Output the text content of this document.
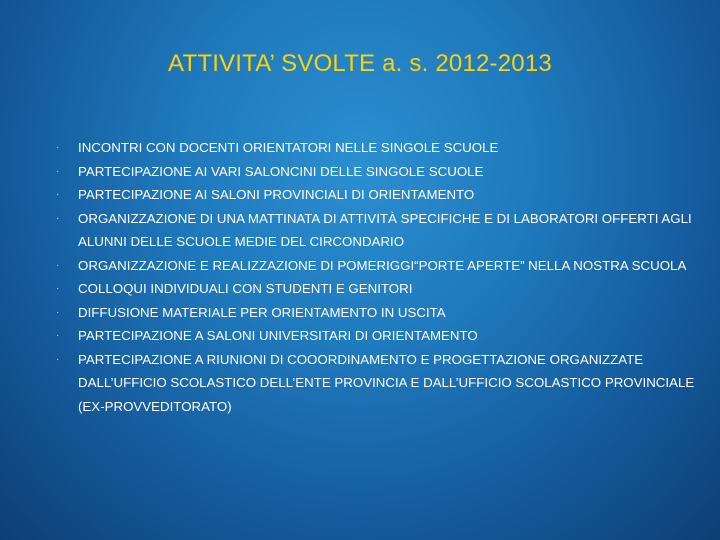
ATTIVITA’ SVOLTE a. s. 2012-2013
·	INCONTRI CON DOCENTI ORIENTATORI NELLE SINGOLE SCUOLE
·	PARTECIPAZIONE AI VARI SALONCINI DELLE SINGOLE SCUOLE
·	PARTECIPAZIONE AI SALONI PROVINCIALI DI ORIENTAMENTO
·	ORGANIZZAZIONE DI UNA MATTINATA DI ATTIVITÀ SPECIFICHE E DI LABORATORI OFFERTI AGLI ALUNNI DELLE SCUOLE MEDIE DEL CIRCONDARIO
·	ORGANIZZAZIONE E REALIZZAZIONE DI POMERIGGI“PORTE APERTE” NELLA NOSTRA SCUOLA
·	COLLOQUI INDIVIDUALI CON STUDENTI E GENITORI
·	DIFFUSIONE MATERIALE PER ORIENTAMENTO IN USCITA
·	PARTECIPAZIONE A SALONI UNIVERSITARI DI ORIENTAMENTO
·	PARTECIPAZIONE A RIUNIONI DI COOORDINAMENTO E PROGETTAZIONE ORGANIZZATE DALL’UFFICIO SCOLASTICO DELL’ENTE PROVINCIA E DALL’UFFICIO SCOLASTICO PROVINCIALE (EX-PROVVEDITORATO)
